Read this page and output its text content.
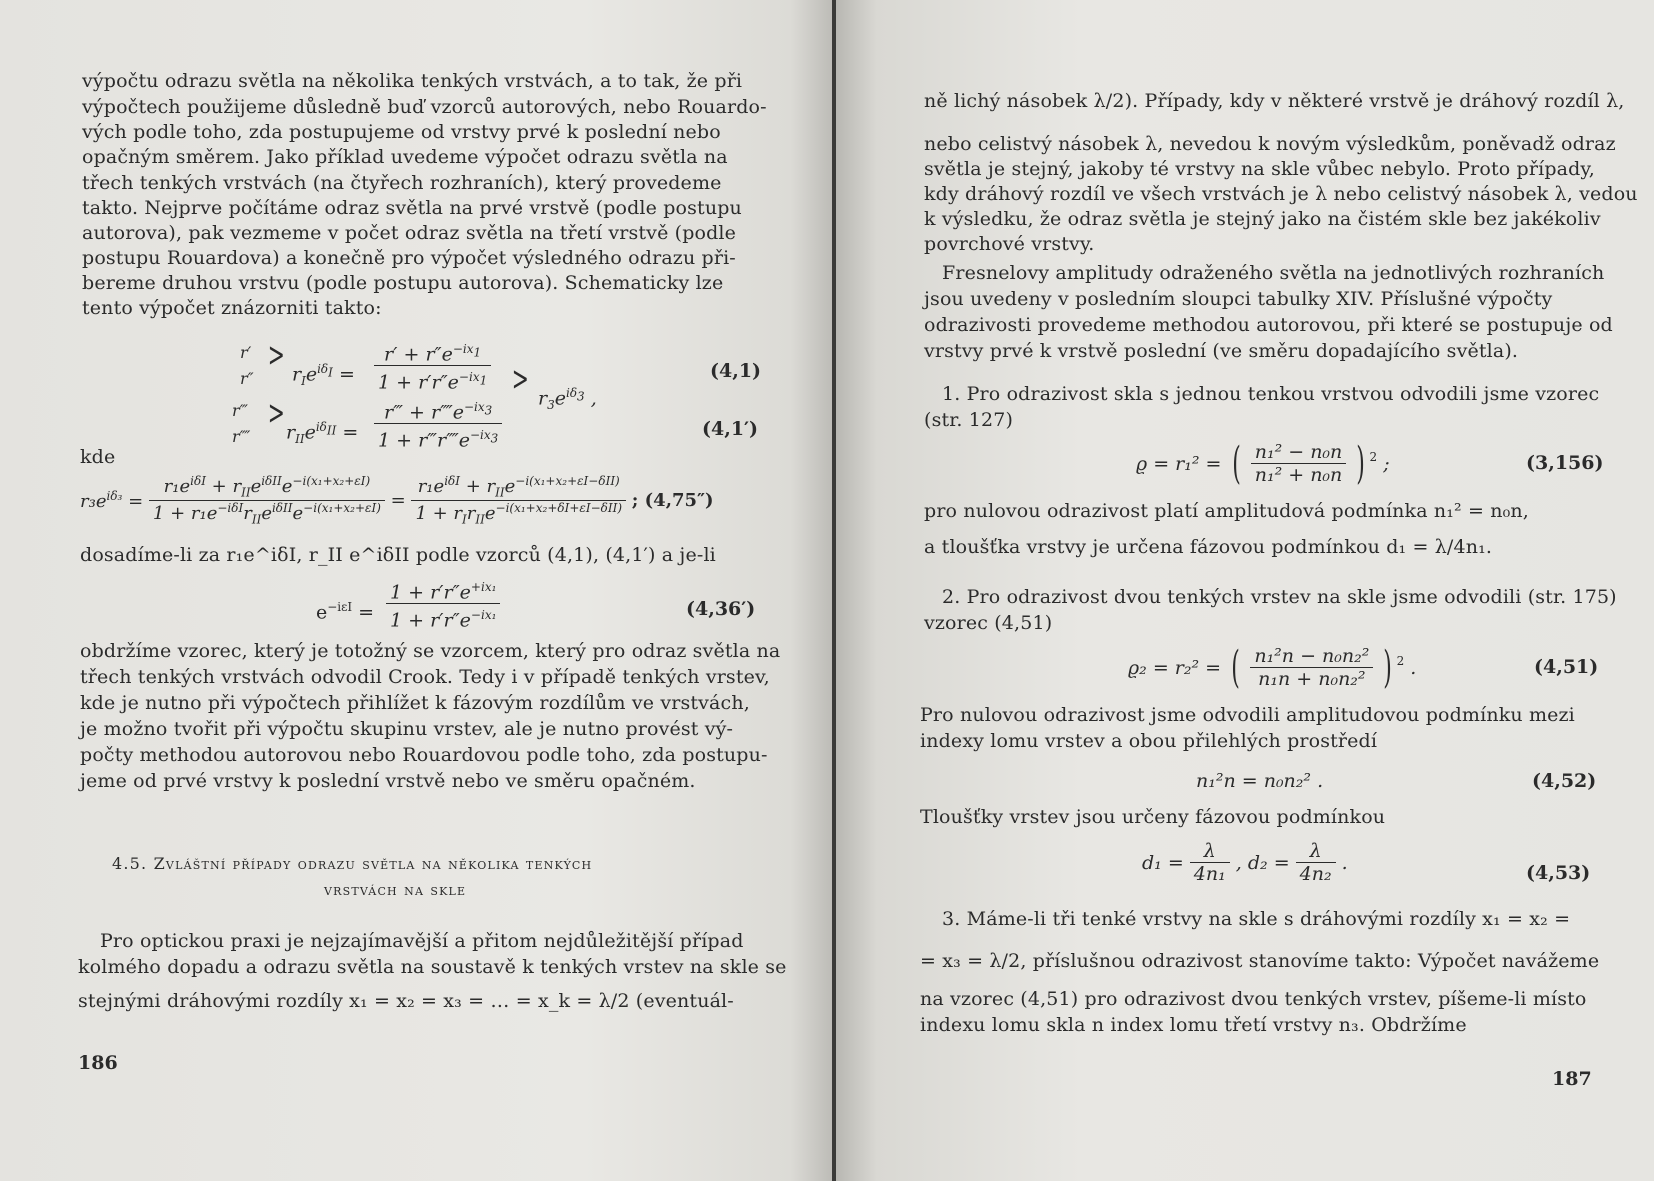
výpočtu odrazu světla na několika tenkých vrstvách, a to tak, že při
výpočtech použijeme důsledně buď vzorců autorových, nebo Rouardo-
vých podle toho, zda postupujeme od vrstvy prvé k poslední nebo
opačným směrem. Jako příklad uvedeme výpočet odrazu světla na
třech tenkých vrstvách (na čtyřech rozhraních), který provedeme
takto. Nejprve počítáme odraz světla na prvé vrstvě (podle postupu
autorova), pak vezmeme v počet odraz světla na třetí vrstvě (podle
postupu Rouardova) a konečně pro výpočet výsledného odrazu při-
bereme druhou vrstvu (podle postupu autorova). Schematicky lze
tento výpočet znázorniti takto:
r′
r″
> $r_Ie^{i\delta_I} = \frac{r' + r''e^{-ix_1}}{1 + r'r''e^{-ix_1}} > r_3e^{i\delta_3}$ ,
(4,1)
r‴
r⁗
> $r_{II}e^{i\delta_{II}} = \frac{r‴ + r⁗e^{-ix_3}}{1 + r‴r⁗e^{-ix_3}}$	(4,1′)
kde
$r_3e^{i\delta_3} = \frac{r_1e^{i\delta I} + r_{II}e^{i\delta II}e^{-i(x_1+x_2+\varepsilon I)}}{1 + r_1e^{-i\delta I}r_{II}e^{i\delta II}e^{-i(x_1+x_2+\varepsilon I)}} = \frac{r_1e^{i\delta I} + r_{II}e^{-i(x_1+x_2+\varepsilon I-\delta II)}}{1 + r_Ir_{II}e^{-i(x_1+x_2+\delta I+\varepsilon I-\delta II)}}$ ; (4,75″)
dosadíme-li za r₁e^iδI, r_II e^iδII podle vzorců (4,1), (4,1′) a je-li
$e^{-i\varepsilon I} = \frac{1 + r'r''e^{+ix_1}}{1 + r'r''e^{-ix_1}}$	(4,36′)
obdržíme vzorec, který je totožný se vzorcem, který pro odraz světla na
třech tenkých vrstvách odvodil Crook. Tedy i v případě tenkých vrstev,
kde je nutno při výpočtech přihlížet k fázovým rozdílům ve vrstvách,
je možno tvořit při výpočtu skupinu vrstev, ale je nutno provést vý-
počty methodou autorovou nebo Rouardovou podle toho, zda postupu-
jeme od prvé vrstvy k poslední vrstvě nebo ve směru opačném.
4.5. Zvláštní případy odrazu světla na několika tenkých
vrstvách na skle
Pro optickou praxi je nejzajímavější a přitom nejdůležitější případ
kolmého dopadu a odrazu světla na soustavě k tenkých vrstev na skle se
stejnými dráhovými rozdíly x₁ = x₂ = x₃ = … = x_k = λ/2 (eventuál-
186
ně lichý násobek λ/2). Případy, kdy v některé vrstvě je dráhový rozdíl λ,
nebo celistvý násobek λ, nevedou k novým výsledkům, poněvadž odraz
světla je stejný, jakoby té vrstvy na skle vůbec nebylo. Proto případy,
kdy dráhový rozdíl ve všech vrstvách je λ nebo celistvý násobek λ, vedou
k výsledku, že odraz světla je stejný jako na čistém skle bez jakékoliv
povrchové vrstvy.
Fresnelovy amplitudy odraženého světla na jednotlivých rozhraních
jsou uvedeny v posledním sloupci tabulky XIV. Příslušné výpočty
odrazivosti provedeme methodou autorovou, při které se postupuje od
vrstvy prvé k vrstvě poslední (ve směru dopadajícího světla).
1. Pro odrazivost skla s jednou tenkou vrstvou odvodili jsme vzorec
(str. 127)
ϱ = r₁² = ( $\frac{\text{n₁² − n₀n}}{\text{n₁² + n₀n}}$ ) $^2$ ;	(3,156)
pro nulovou odrazivost platí amplitudová podmínka n₁² = n₀n,
a tloušťka vrstvy je určena fázovou podmínkou d₁ = λ/4n₁.
2. Pro odrazivost dvou tenkých vrstev na skle jsme odvodili (str. 175)
vzorec (4,51)
ϱ₂ = r₂² = ( $\frac{\text{n₁²n − n₀n₂²}}{\text{n₁n + n₀n₂²}}$ ) $^2$ .	(4,51)
Pro nulovou odrazivost jsme odvodili amplitudovou podmínku mezi
indexy lomu vrstev a obou přilehlých prostředí
n₁²n = n₀n₂² .	(4,52)
Tloušťky vrstev jsou určeny fázovou podmínkou
$d_1 = \frac{\lambda}{\text{4n₁}}$ , $d_2 = \frac{\lambda}{\text{4n₂}}$ .	(4,53)
3. Máme-li tři tenké vrstvy na skle s dráhovými rozdíly x₁ = x₂ =
= x₃ = λ/2, příslušnou odrazivost stanovíme takto: Výpočet navážeme
na vzorec (4,51) pro odrazivost dvou tenkých vrstev, píšeme-li místo
indexu lomu skla n index lomu třetí vrstvy n₃. Obdržíme
187
